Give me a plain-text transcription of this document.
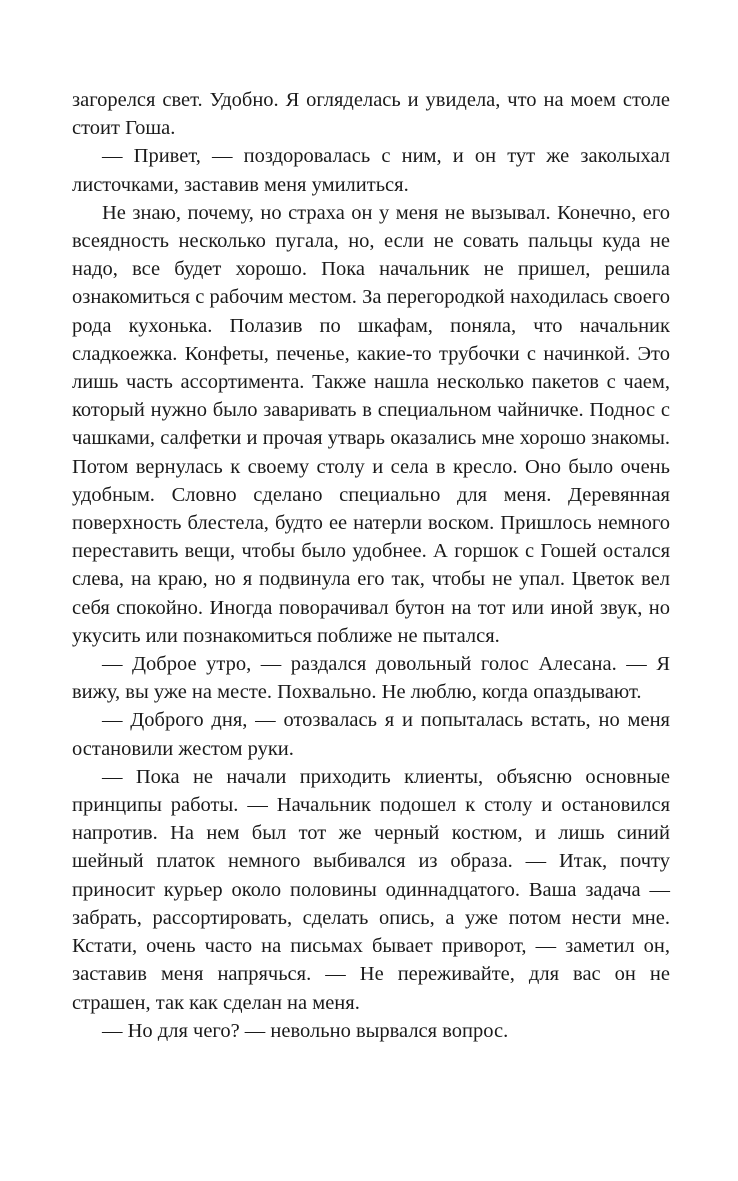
загорелся свет. Удобно. Я огляделась и увидела, что на моем столе стоит Гоша.

— Привет, — поздоровалась с ним, и он тут же заколыхал листочками, заставив меня умилиться.

Не знаю, почему, но страха он у меня не вызывал. Конечно, его всеядность несколько пугала, но, если не совать пальцы куда не надо, все будет хорошо. Пока начальник не пришел, решила ознакомиться с рабочим местом. За перегородкой находилась своего рода кухонька. Полазив по шкафам, поняла, что начальник сладкоежка. Конфеты, печенье, какие-то трубочки с начинкой. Это лишь часть ассортимента. Также нашла несколько пакетов с чаем, который нужно было заваривать в специальном чайничке. Поднос с чашками, салфетки и прочая утварь оказались мне хорошо знакомы. Потом вернулась к своему столу и села в кресло. Оно было очень удобным. Словно сделано специально для меня. Деревянная поверхность блестела, будто ее натерли воском. Пришлось немного переставить вещи, чтобы было удобнее. А горшок с Гошей остался слева, на краю, но я подвинула его так, чтобы не упал. Цветок вел себя спокойно. Иногда поворачивал бутон на тот или иной звук, но укусить или познакомиться поближе не пытался.

— Доброе утро, — раздался довольный голос Алесана. — Я вижу, вы уже на месте. Похвально. Не люблю, когда опаздывают.

— Доброго дня, — отозвалась я и попыталась встать, но меня остановили жестом руки.

— Пока не начали приходить клиенты, объясню основные принципы работы. — Начальник подошел к столу и остановился напротив. На нем был тот же черный костюм, и лишь синий шейный платок немного выбивался из образа. — Итак, почту приносит курьер около половины одиннадцатого. Ваша задача — забрать, рассортировать, сделать опись, а уже потом нести мне. Кстати, очень часто на письмах бывает приворот, — заметил он, заставив меня напрячься. — Не переживайте, для вас он не страшен, так как сделан на меня.

— Но для чего? — невольно вырвался вопрос.
